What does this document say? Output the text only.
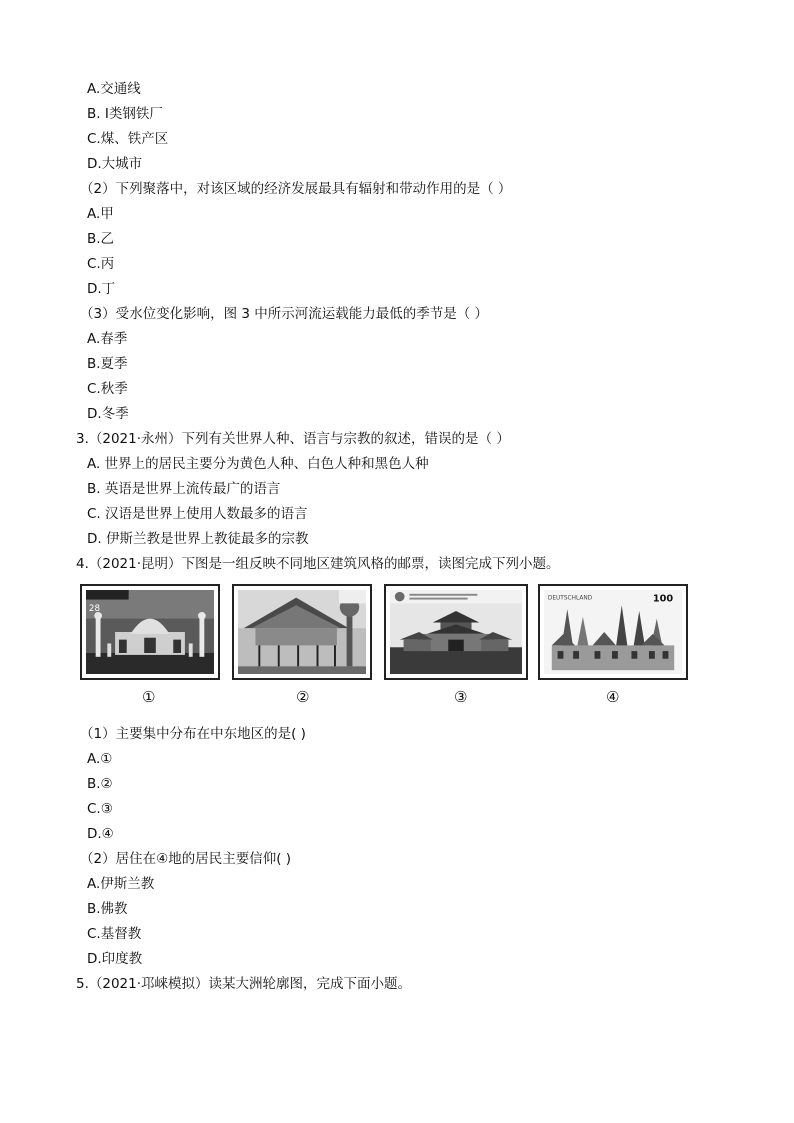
A.交通线
B. Ⅰ类钢铁厂
C.煤、铁产区
D.大城市
（2）下列聚落中，对该区域的经济发展最具有辐射和带动作用的是（ ）
A.甲
B.乙
C.丙
D.丁
（3）受水位变化影响，图 3 中所示河流运载能力最低的季节是（ ）
A.春季
B.夏季
C.秋季
D.冬季
3.（2021·永州）下列有关世界人种、语言与宗教的叙述，错误的是（ ）
A. 世界上的居民主要分为黄色人种、白色人种和黑色人种
B. 英语是世界上流传最广的语言
C. 汉语是世界上使用人数最多的语言
D. 伊斯兰教是世界上教徒最多的宗教
4.（2021·昆明）下图是一组反映不同地区建筑风格的邮票，读图完成下列小题。
28
DEUTSCHLAND	100
①	②	③	④
（1）主要集中分布在中东地区的是( )
A.①
B.②
C.③
D.④
（2）居住在④地的居民主要信仰( )
A.伊斯兰教
B.佛教
C.基督教
D.印度教
5.（2021·邛崃模拟）读某大洲轮廓图，完成下面小题。
